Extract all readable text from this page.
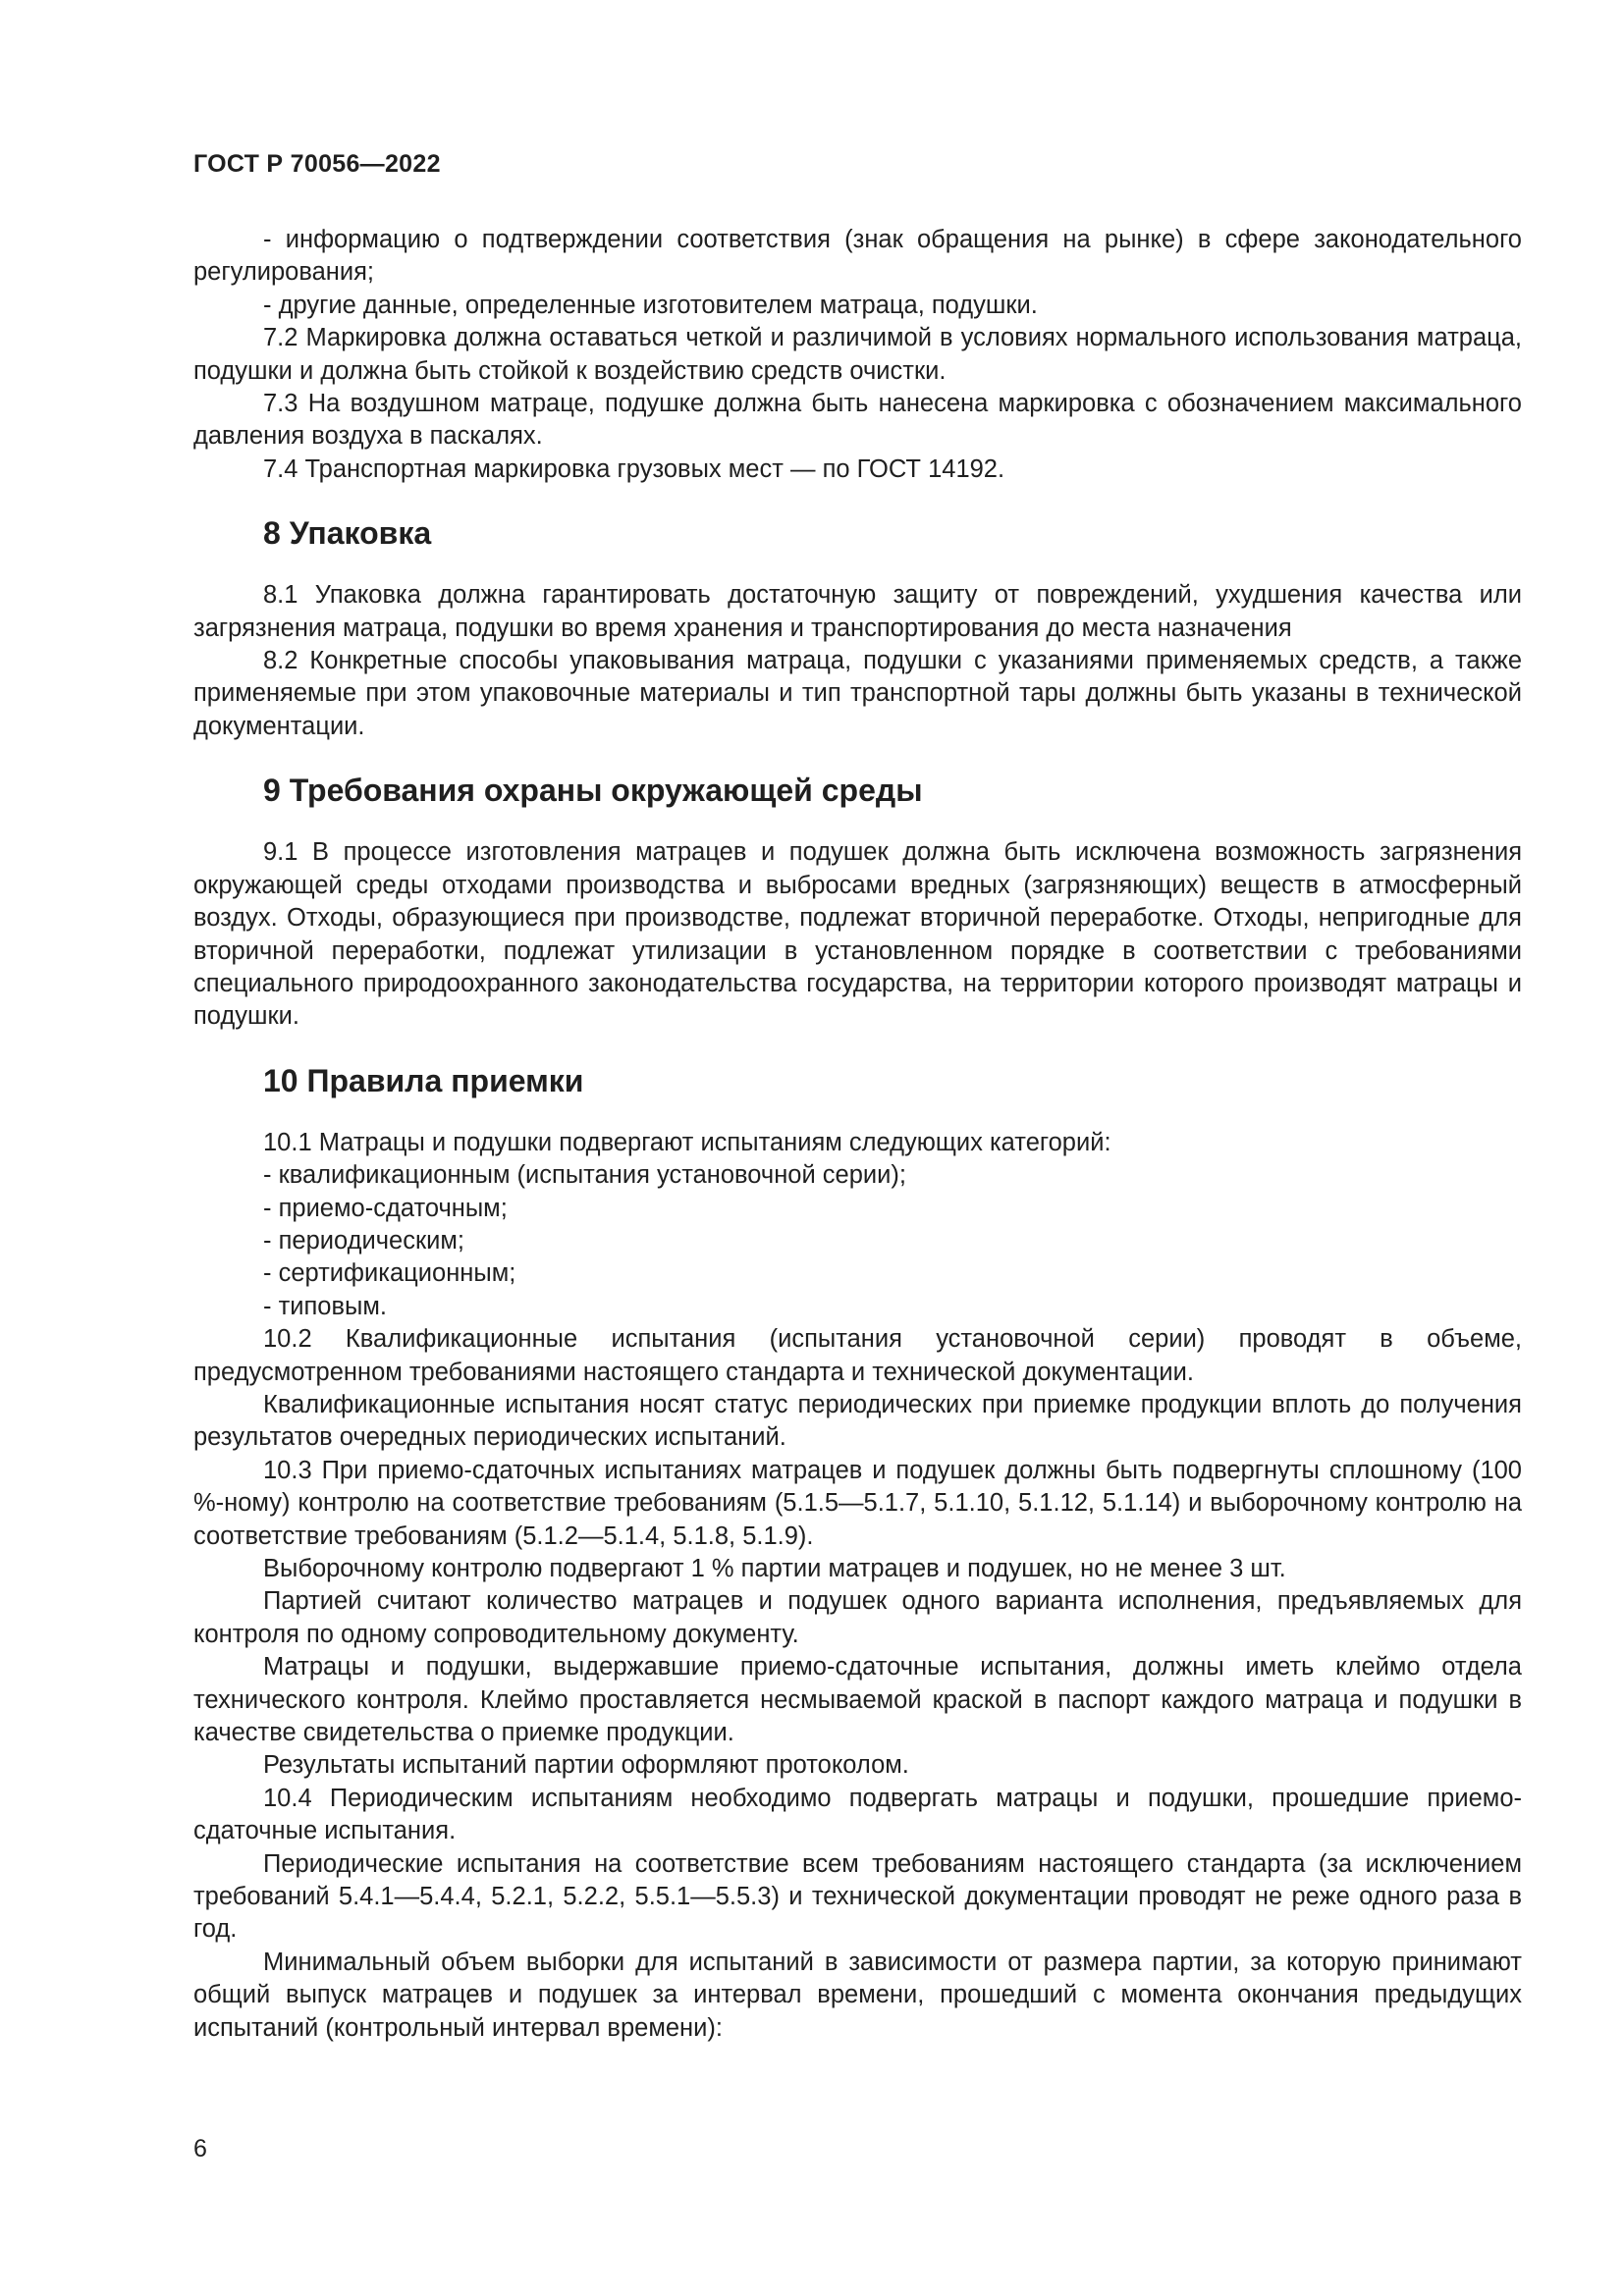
ГОСТ Р 70056—2022

- информацию о подтверждении соответствия (знак обращения на рынке) в сфере законодательного регулирования;

- другие данные, определенные изготовителем матраца, подушки.

7.2 Маркировка должна оставаться четкой и различимой в условиях нормального использования матраца, подушки и должна быть стойкой к воздействию средств очистки.

7.3 На воздушном матраце, подушке должна быть нанесена маркировка с обозначением максимального давления воздуха в паскалях.

7.4 Транспортная маркировка грузовых мест — по ГОСТ 14192.

8 Упаковка

8.1 Упаковка должна гарантировать достаточную защиту от повреждений, ухудшения качества или загрязнения матраца, подушки во время хранения и транспортирования до места назначения

8.2 Конкретные способы упаковывания матраца, подушки с указаниями применяемых средств, а также применяемые при этом упаковочные материалы и тип транспортной тары должны быть указаны в технической документации.

9 Требования охраны окружающей среды

9.1 В процессе изготовления матрацев и подушек должна быть исключена возможность загрязнения окружающей среды отходами производства и выбросами вредных (загрязняющих) веществ в атмосферный воздух. Отходы, образующиеся при производстве, подлежат вторичной переработке. Отходы, непригодные для вторичной переработки, подлежат утилизации в установленном порядке в соответствии с требованиями специального природоохранного законодательства государства, на территории которого производят матрацы и подушки.

10 Правила приемки

10.1 Матрацы и подушки подвергают испытаниям следующих категорий:

- квалификационным (испытания установочной серии);

- приемо-сдаточным;

- периодическим;

- сертификационным;

- типовым.

10.2 Квалификационные испытания (испытания установочной серии) проводят в объеме, предусмотренном требованиями настоящего стандарта и технической документации.

Квалификационные испытания носят статус периодических при приемке продукции вплоть до получения результатов очередных периодических испытаний.

10.3 При приемо-сдаточных испытаниях матрацев и подушек должны быть подвергнуты сплошному (100 %-ному) контролю на соответствие требованиям (5.1.5—5.1.7, 5.1.10, 5.1.12, 5.1.14) и выборочному контролю на соответствие требованиям (5.1.2—5.1.4, 5.1.8, 5.1.9).

Выборочному контролю подвергают 1 % партии матрацев и подушек, но не менее 3 шт.

Партией считают количество матрацев и подушек одного варианта исполнения, предъявляемых для контроля по одному сопроводительному документу.

Матрацы и подушки, выдержавшие приемо-сдаточные испытания, должны иметь клеймо отдела технического контроля. Клеймо проставляется несмываемой краской в паспорт каждого матраца и подушки в качестве свидетельства о приемке продукции.

Результаты испытаний партии оформляют протоколом.

10.4 Периодическим испытаниям необходимо подвергать матрацы и подушки, прошедшие приемо-сдаточные испытания.

Периодические испытания на соответствие всем требованиям настоящего стандарта (за исключением требований 5.4.1—5.4.4, 5.2.1, 5.2.2, 5.5.1—5.5.3) и технической документации проводят не реже одного раза в год.

Минимальный объем выборки для испытаний в зависимости от размера партии, за которую принимают общий выпуск матрацев и подушек за интервал времени, прошедший с момента окончания предыдущих испытаний (контрольный интервал времени):

6
